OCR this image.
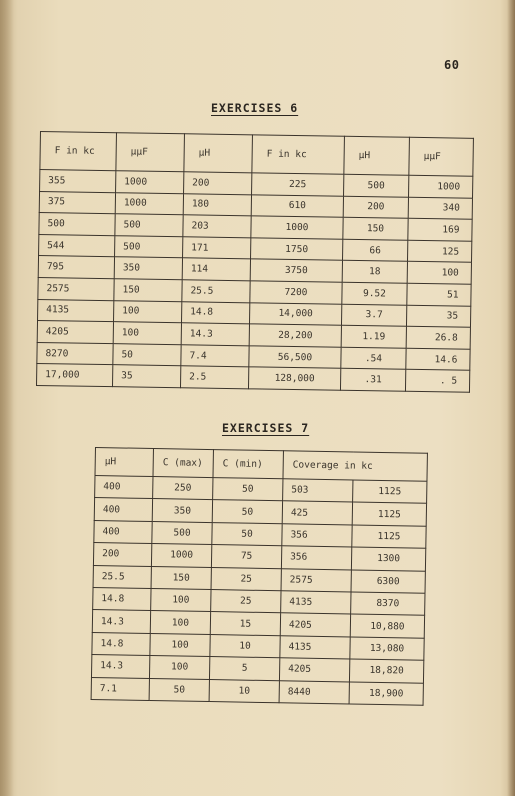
60
EXERCISES 6
F in kc	μμF	μH	F in kc	μH	μμF
355	1000	200	225	500	1000
375	1000	180	610	200	340
500	500	203	1000	150	169
544	500	171	1750	66	125
795	350	114	3750	18	100
2575	150	25.5	7200	9.52	51
4135	100	14.8	14,000	3.7	35
4205	100	14.3	28,200	1.19	26.8
8270	50	7.4	56,500	.54	14.6
17,000	35	2.5	128,000	.31	. 5
EXERCISES 7
μH	C (max)	C (min)	Coverage in kc	
400	250	50	503	1125
400	350	50	425	1125
400	500	50	356	1125
200	1000	75	356	1300
25.5	150	25	2575	6300
14.8	100	25	4135	8370
14.3	100	15	4205	10,880
14.8	100	10	4135	13,080
14.3	100	5	4205	18,820
7.1	50	10	8440	18,900
